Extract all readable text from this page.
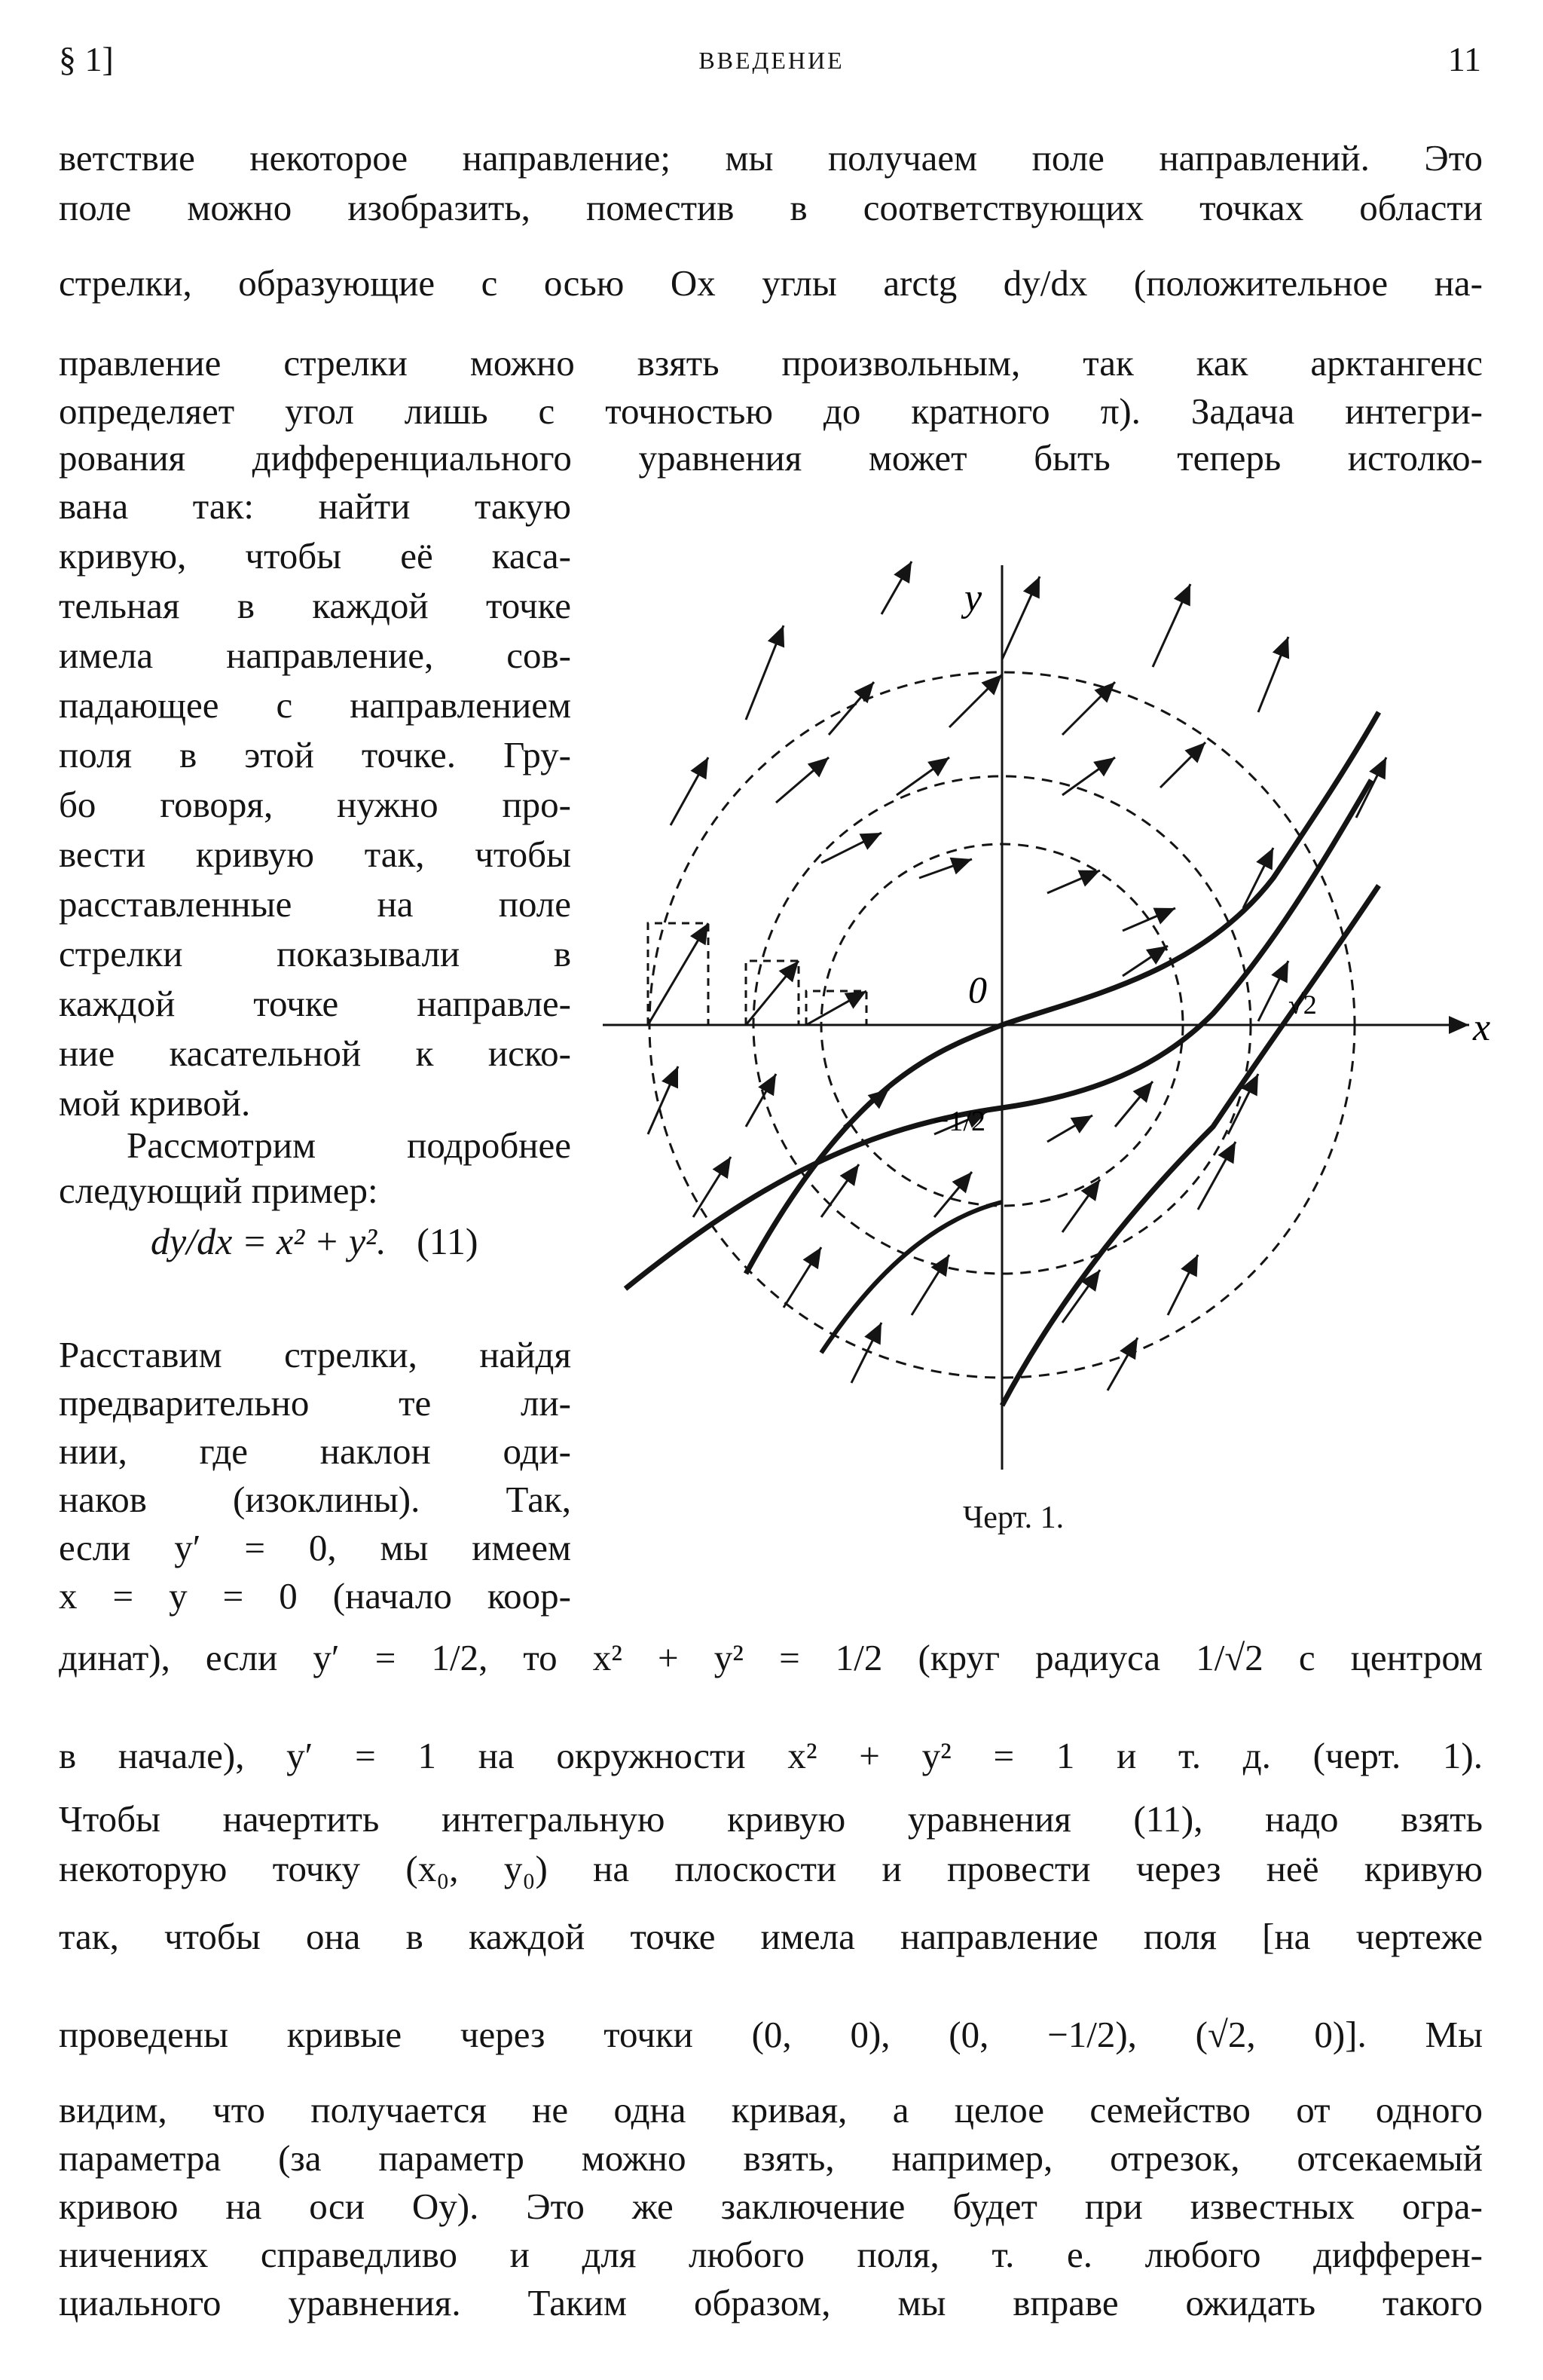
§ 1]	ВВЕДЕНИЕ	11
ветствие некоторое направление; мы получаем поле направлений. Это
поле можно изобразить, поместив в соответствующих точках области
стрелки, образующие с осью Ox углы arctg dy/dx (положительное на-
правление стрелки можно взять произвольным, так как арктангенс
определяет угол лишь с точностью до кратного π). Задача интегри-
рования дифференциального уравнения может быть теперь истолко-
вана так: найти такую
кривую, чтобы её каса-
тельная в каждой точке
имела направление, сов-
падающее с направлением
поля в этой точке. Гру-
бо говоря, нужно про-
вести кривую так, чтобы
расставленные на поле
стрелки показывали в
каждой точке направле-
ние касательной к иско-
мой кривой.
Рассмотрим подробнее
следующий пример:
dy/dx = x² + y². (11)
Расставим стрелки, найдя
предварительно те ли-
нии, где наклон оди-
наков (изоклины). Так,
если y′ = 0, мы имеем
x = y = 0 (начало коор-
y
x
0	√2
−1/2
Черт. 1.
динат), если y′ = 1/2, то x² + y² = 1/2 (круг радиуса 1/√2 с центром
в начале), y′ = 1 на окружности x² + y² = 1 и т. д. (черт. 1).
Чтобы начертить интегральную кривую уравнения (11), надо взять
некоторую точку (x₀, y₀) на плоскости и провести через неё кривую
так, чтобы она в каждой точке имела направление поля [на чертеже
проведены кривые через точки (0, 0), (0, −1/2), (√2, 0)]. Мы
видим, что получается не одна кривая, а целое семейство от одного
параметра (за параметр можно взять, например, отрезок, отсекаемый
кривою на оси Oy). Это же заключение будет при известных огра-
ничениях справедливо и для любого поля, т. е. любого дифферен-
циального уравнения. Таким образом, мы вправе ожидать такого
